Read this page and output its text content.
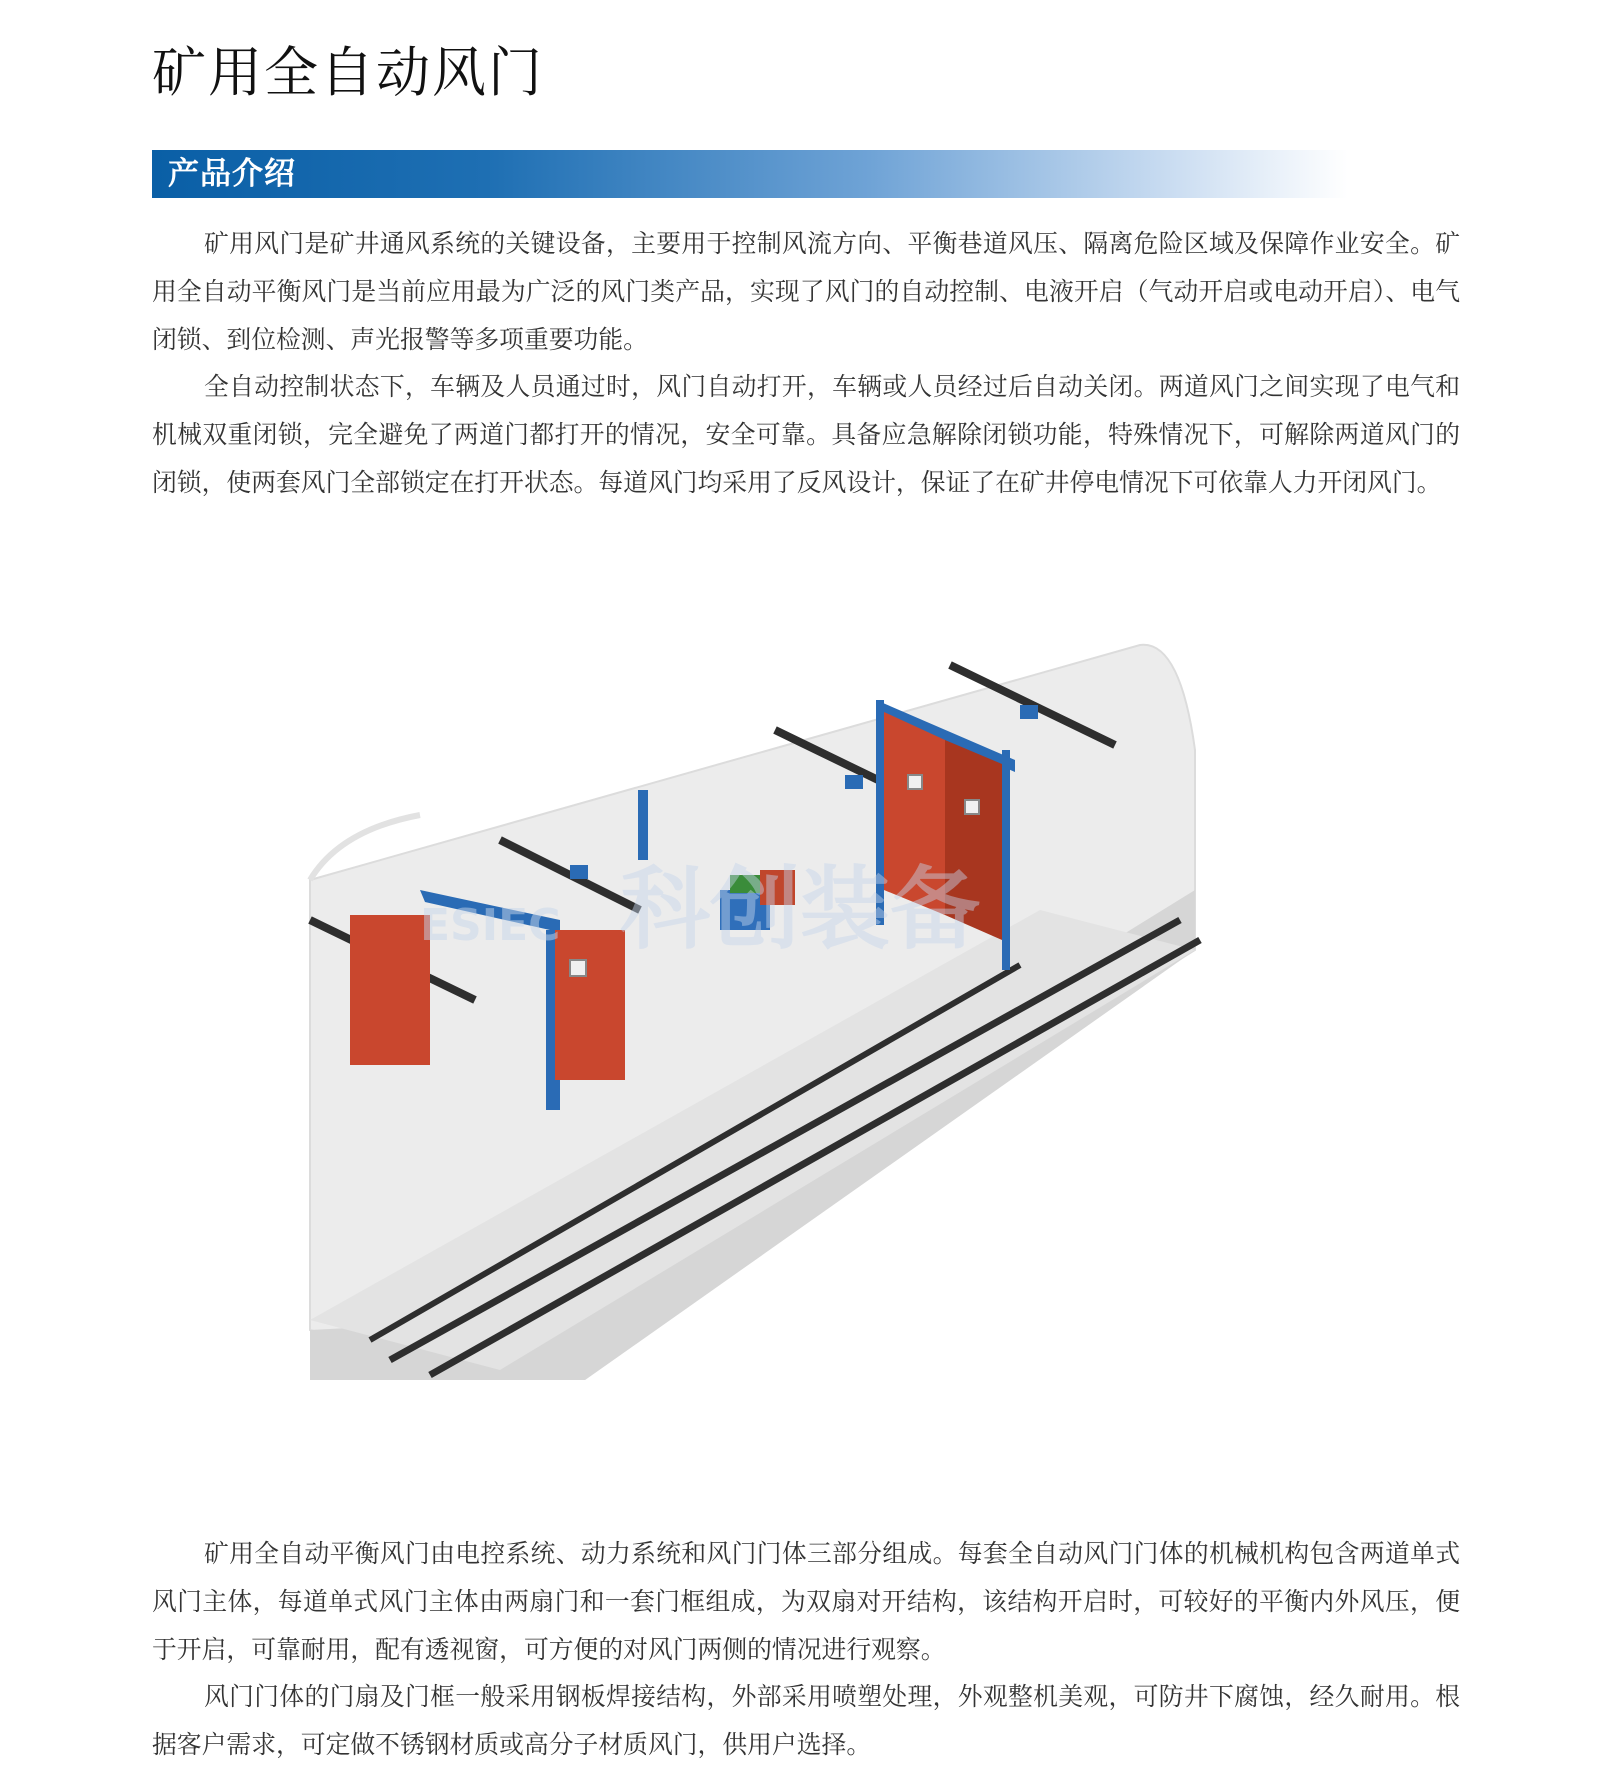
矿用全自动风门
产品介绍

矿用风门是矿井通风系统的关键设备，主要用于控制风流方向、平衡巷道风压、隔离危险区域及保障作业安全。矿用全自动平衡风门是当前应用最为广泛的风门类产品，实现了风门的自动控制、电液开启（气动开启或电动开启）、电气闭锁、到位检测、声光报警等多项重要功能。

全自动控制状态下，车辆及人员通过时，风门自动打开，车辆或人员经过后自动关闭。两道风门之间实现了电气和机械双重闭锁，完全避免了两道门都打开的情况，安全可靠。具备应急解除闭锁功能，特殊情况下，可解除两道风门的闭锁，使两套风门全部锁定在打开状态。每道风门均采用了反风设计，保证了在矿井停电情况下可依靠人力开闭风门。

科创装备
ESIEC

矿用全自动平衡风门由电控系统、动力系统和风门门体三部分组成。每套全自动风门门体的机械机构包含两道单式风门主体，每道单式风门主体由两扇门和一套门框组成，为双扇对开结构，该结构开启时，可较好的平衡内外风压，便于开启，可靠耐用，配有透视窗，可方便的对风门两侧的情况进行观察。

风门门体的门扇及门框一般采用钢板焊接结构，外部采用喷塑处理，外观整机美观，可防井下腐蚀，经久耐用。根据客户需求，可定做不锈钢材质或高分子材质风门，供用户选择。
